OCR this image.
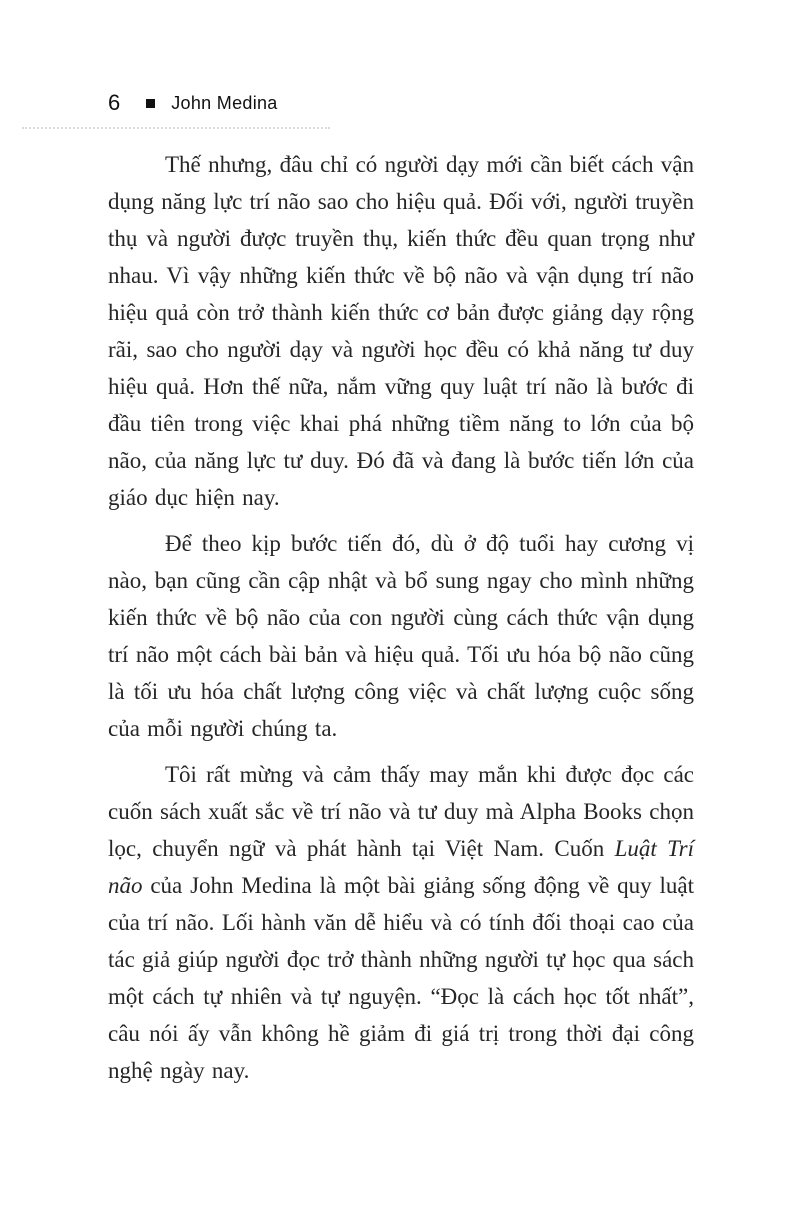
6	John Medina

Thế nhưng, đâu chỉ có người dạy mới cần biết cách vận dụng năng lực trí não sao cho hiệu quả. Đối với, người truyền thụ và người được truyền thụ, kiến thức đều quan trọng như nhau. Vì vậy những kiến thức về bộ não và vận dụng trí não hiệu quả còn trở thành kiến thức cơ bản được giảng dạy rộng rãi, sao cho người dạy và người học đều có khả năng tư duy hiệu quả. Hơn thế nữa, nắm vững quy luật trí não là bước đi đầu tiên trong việc khai phá những tiềm năng to lớn của bộ não, của năng lực tư duy. Đó đã và đang là bước tiến lớn của giáo dục hiện nay.

Để theo kịp bước tiến đó, dù ở độ tuổi hay cương vị nào, bạn cũng cần cập nhật và bổ sung ngay cho mình những kiến thức về bộ não của con người cùng cách thức vận dụng trí não một cách bài bản và hiệu quả. Tối ưu hóa bộ não cũng là tối ưu hóa chất lượng công việc và chất lượng cuộc sống của mỗi người chúng ta.

Tôi rất mừng và cảm thấy may mắn khi được đọc các cuốn sách xuất sắc về trí não và tư duy mà Alpha Books chọn lọc, chuyển ngữ và phát hành tại Việt Nam. Cuốn Luật Trí não của John Medina là một bài giảng sống động về quy luật của trí não. Lối hành văn dễ hiểu và có tính đối thoại cao của tác giả giúp người đọc trở thành những người tự học qua sách một cách tự nhiên và tự nguyện. “Đọc là cách học tốt nhất”, câu nói ấy vẫn không hề giảm đi giá trị trong thời đại công nghệ ngày nay.
